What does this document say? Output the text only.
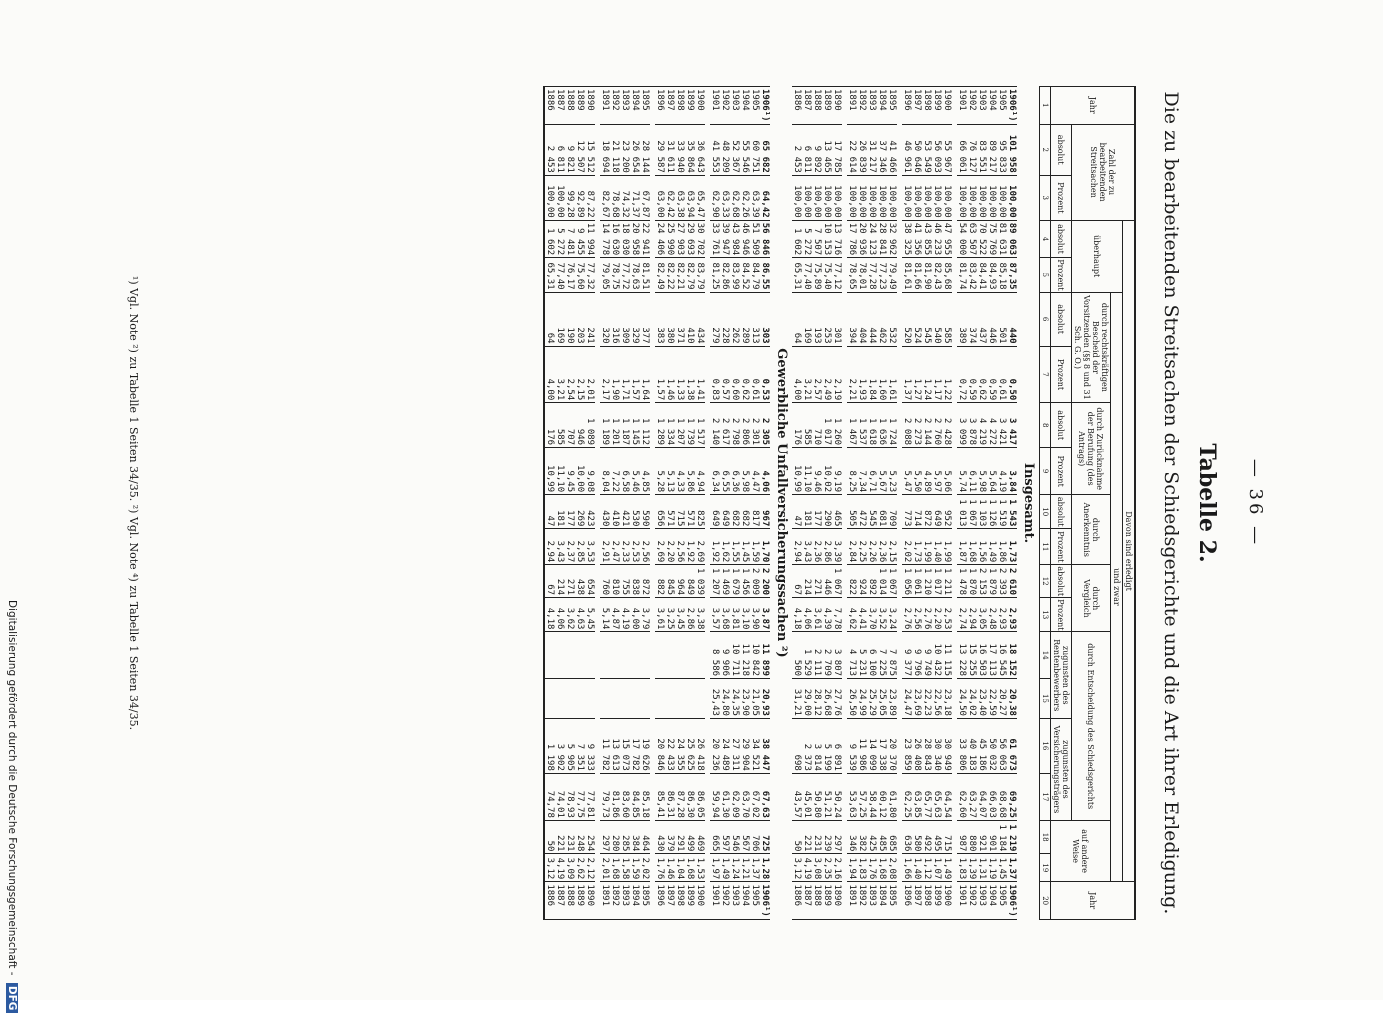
— 36 —
Tabelle 2.
Die zu bearbeitenden Streitsachen der Schiedsgerichte und die Art ihrer Erledigung.
Jahr	Zahl der zu bearbeitenden Streitsachen		Davon sind erledigt																Jahr
			überhaupt		und zwar														
					durch rechtskräftigen Bescheid der Vorsitzenden (§§ 8 und 31 Sch. G. O.)		durch Zurücknahme der Berufung (des Antrags)		durch Anerkenntnis		durch Vergleich		durch Entscheidung des Schiedsgerichts				auf andere Weise		
	absolut	Prozent	absolut	Prozent	absolut	Prozent	absolut	Prozent	absolut	Prozent	absolut	Prozent	zugunsten des Rentenbewerbers		zugunsten des Versicherungsträgers				
1	2	3	4	5	6	7	8	9	10	11	12	13	14	15	16	17	18	19	20
Insgesamt.																			
1906¹)	101 958	100,00	89 063	87,35	440	0,50	3 417	3,84	1 543	1,73	2 610	2,93	18 152	20,38	61 673	69,25	1 219	1,37	1906¹)
1905	95 833	100,00	81 631	85,18	501	0,61	3 421	4,19	1 519	1,86	2 393	2,93	16 545	20,27	56 063	68,68	1 184	1,45	1905
1904	89 217	100,00	75 769	84,93	446	0,59	4 272	5,64	1 126	1,49	1 879	2,48	17 113	22,59	50 032	66,03	901	1,19	1904
1903	83 551	100,00	70 522	84,41	437	0,62	4 219	5,98	1 103	1,56	2 153	3,05	16 503	23,40	45 186	64,07	921	1,31	1903
1902	76 127	100,00	63 507	83,42	374	0,59	3 878	6,11	1 067	1,68	1 870	2,94	15 255	24,02	40 183	63,27	880	1,39	1902
1901	66 061	100,00	54 000	81,74	389	0,72	3 099	5,74	1 013	1,87	1 478	2,74	13 228	24,50	33 806	62,60	987	1,83	1901

1900	55 967	100,00	47 955	85,68	585	1,22	2 428	5,06	952	1,99	1 211	2,53	11 115	23,18	30 949	64,54	715	1,49	1900
1899	56 093	100,00	46 233	82,43	540	1,17	2 760	5,97	649	1,40	1 017	2,20	10 432	22,56	30 340	65,63	495	1,07	1899
1898	53 549	100,00	43 855	81,90	545	1,24	2 144	4,89	872	1,99	1 210	2,76	9 749	22,23	28 843	65,77	492	1,12	1898
1897	50 646	100,00	41 356	81,66	524	1,27	2 273	5,50	714	1,73	1 061	2,56	9 796	23,69	26 408	63,85	580	1,40	1897
1896	46 961	100,00	38 325	81,61	520	1,37	2 088	5,47	773	2,02	1 056	2,76	9 377	24,47	23 859	62,25	636	1,66	1896

1895	41 466	100,00	32 962	79,49	532	1,61	1 724	5,23	709	2,15	1 067	3,24	7 875	23,89	20 370	61,80	685	2,08	1895
1894	37 346	100,00	28 841	77,23	462	1,60	1 636	5,67	681	2,36	1 014	3,52	7 225	25,05	17 338	60,12	485	1,68	1894
1893	31 217	100,00	24 123	77,28	444	1,84	1 618	6,71	545	2,26	892	3,70	6 100	25,29	14 099	58,44	425	1,76	1893
1892	26 839	100,00	20 936	78,01	404	1,93	1 537	7,34	472	2,25	924	4,41	5 231	24,99	11 986	57,25	382	1,83	1892
1891	22 614	100,00	17 786	78,65	394	2,21	1 467	8,25	505	2,84	822	4,62	4 713	26,50	9 539	53,63	346	1,94	1891

1890	17 785	100,00	13 716	77,12	301	2,19	1 260	9,19	465	3,39	1 067	7,78	3 807	27,76	6 891	50,24	297	2,16	1890
1889	13 465	100,00	10 153	75,40	253	2,49	1 017	10,02	290	2,86	446	4,39	2 709	26,68	5 199	51,21	239	2,35	1889
1888	9 892	100,00	7 507	75,89	193	2,57	710	9,46	177	2,36	271	3,61	2 111	28,12	3 814	50,80	231	3,08	1888
1887	6 811	100,00	5 272	77,40	169	3,21	585	11,10	181	3,43	214	4,06	1 529	29,00	2 373	45,01	221	4,19	1887
1886	2 453	100,00	1 602	65,31	64	4,00	176	10,99	47	2,94	67	4,18	500	31,21	698	43,57	50	3,12	1886
Gewerbliche Unfallversicherungssachen ²)																			
1906¹)	65 682	64,42	56 846	86,55	303	0,53	2 305	4,06	967	1,70	2 200	3,87	11 899	20,93	38 447	67,63	725	1,28	1906¹)
1905	60 751	63,39	51 509	84,79	313	0,61	2 301	4,47	817	1,59	2 009	3,90	10 842	21,05	34 521	67,02	706	1,37	1905
1904	55 546	62,26	46 946	84,52	289	0,62	2 806	5,98	682	1,45	1 456	3,10	11 218	23,90	29 904	63,70	567	1,21	1904
1903	52 367	62,68	43 984	83,99	262	0,60	2 798	6,36	682	1,55	1 679	3,81	10 711	24,35	27 311	62,09	546	1,24	1903
1902	48 209	63,33	39 947	82,86	228	0,57	2 617	6,55	649	1,62	1 469	3,68	9 906	24,80	24 489	61,30	597	1,49	1902
1901	41 553	62,90	33 761	81,25	279	0,83	2 140	6,34	649	1,92	1 207	3,57	8 586	25,43	20 236	59,94	665	1,97	1901

1900	36 643	65,47	30 702	83,79	434	1,41	1 517	4,94	825	2,69	1 039	3,38			26 418	86,05	469	1,53	1900
1899	35 864	63,94	29 693	82,79	410	1,38	1 739	5,86	571	1,92	849	2,86			25 625	86,30	499	1,68	1899
1898	33 940	63,38	27 903	82,21	371	1,33	1 207	4,33	715	2,56	964	3,45			24 355	87,28	291	1,04	1898
1897	31 611	62,42	25 990	82,22	380	1,46	1 334	5,13	571	2,20	845	3,25			22 433	86,31	379	1,46	1897
1896	29 587	63,00	24 406	82,49	383	1,57	1 289	5,28	656	2,69	882	3,61			20 846	85,41	430	1,76	1896

1895	28 144	67,87	22 941	81,51	377	1,64	1 112	4,85	590	2,56	872	3,79			19 626	85,18	464	2,02	1895
1894	26 654	71,37	20 958	78,63	329	1,57	1 145	5,46	530	2,53	838	4,00			17 782	84,85	384	1,59	1894
1893	23 200	74,32	18 030	77,72	309	1,71	1 187	6,58	421	2,33	755	4,19			15 073	83,60	285	1,58	1893
1892	21 118	78,68	16 630	78,75	316	1,90	1 201	7,22	410	2,47	810	4,87			13 613	81,86	280	1,68	1892
1891	18 694	82,67	14 778	79,05	320	2,17	1 189	8,04	430	2,91	760	5,14			11 782	79,73	297	2,01	1891

1890	15 512	87,22	11 994	77,32	241	2,01	1 089	9,08	423	3,53	654	5,45			9 333	77,81	254	2,12	1890
1889	12 507	92,89	9 455	75,60	203	2,15	946	10,00	269	2,85	438	4,63			7 351	77,75	248	2,62	1889
1888	9 821	99,28	7 481	76,17	190	2,54	707	9,45	177	2,37	271	3,62			5 905	78,93	231	3,09	1888
1887	6 811	100,00	5 272	77,40	169	3,21	585	11,10	181	3,43	214	4,06			3 902	74,01	221	4,19	1887
1886	2 453	100,00	1 602	65,31	64	4,00	176	10,99	47	2,94	67	4,18			1 198	74,78	50	3,12	1886
¹) Vgl. Note ²) zu Tabelle 1 Seiten 34/35. ²) Vgl. Note ⁴) zu Tabelle 1 Seiten 34/35.
Digitalisierung gefördert durch die Deutsche Forschungsgemeinschaft - DFG
